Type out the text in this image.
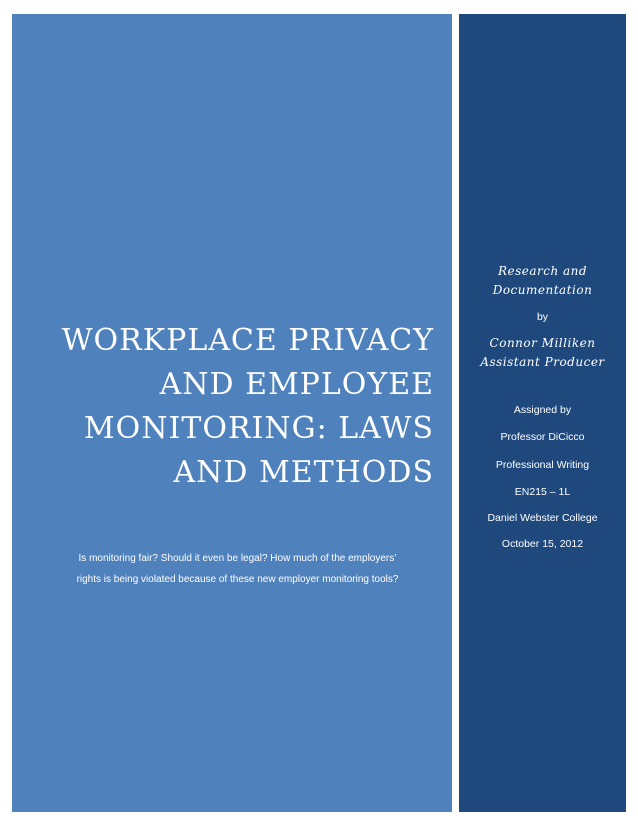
WORKPLACE PRIVACY
AND EMPLOYEE
MONITORING: LAWS
AND METHODS

Is monitoring fair? Should it even be legal? How much of the employers’
rights is being violated because of these new employer monitoring tools?

Research and
Documentation

by

Connor Milliken
Assistant Producer

Assigned by

Professor DiCicco

Professional Writing

EN215 – 1L

Daniel Webster College

October 15, 2012
